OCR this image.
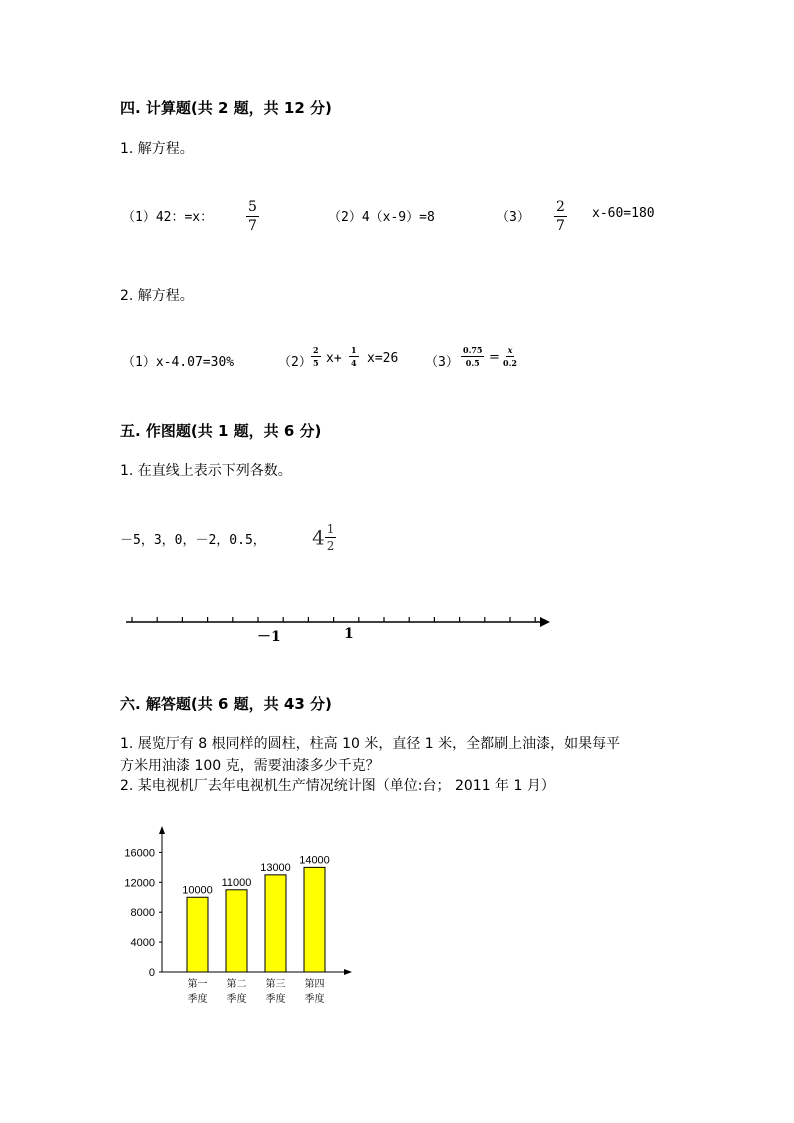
四. 计算题(共 2 题，共 12 分)
1. 解方程。
（1）42：=x： $\frac{5}{7}$	（2）4（x-9）=8	$(3) \frac{2}{7} x-60=180$
2. 解方程。
（1）x-4.07=30%	$(2) \frac{2}{5} x+ \frac{1}{4} x=26$ $(3) \frac{0.75}{0.5} = \frac{x}{0.2}$
五. 作图题(共 1 题，共 6 分)
1. 在直线上表示下列各数。
－5，3，0，－2，0.5， $4 \frac{1}{2}$
－1	1
六. 解答题(共 6 题，共 43 分)
1. 展览厅有 8 根同样的圆柱，柱高 10 米，直径 1 米，全都刷上油漆，如果每平
方米用油漆 100 克，需要油漆多少千克？
2. 某电视机厂去年电视机生产情况统计图（单位:台； 2011 年 1 月）
0
4000
8000
12000
16000
10000
第一
季度
11000
第二
季度
13000
第三
季度
14000
第四
季度
